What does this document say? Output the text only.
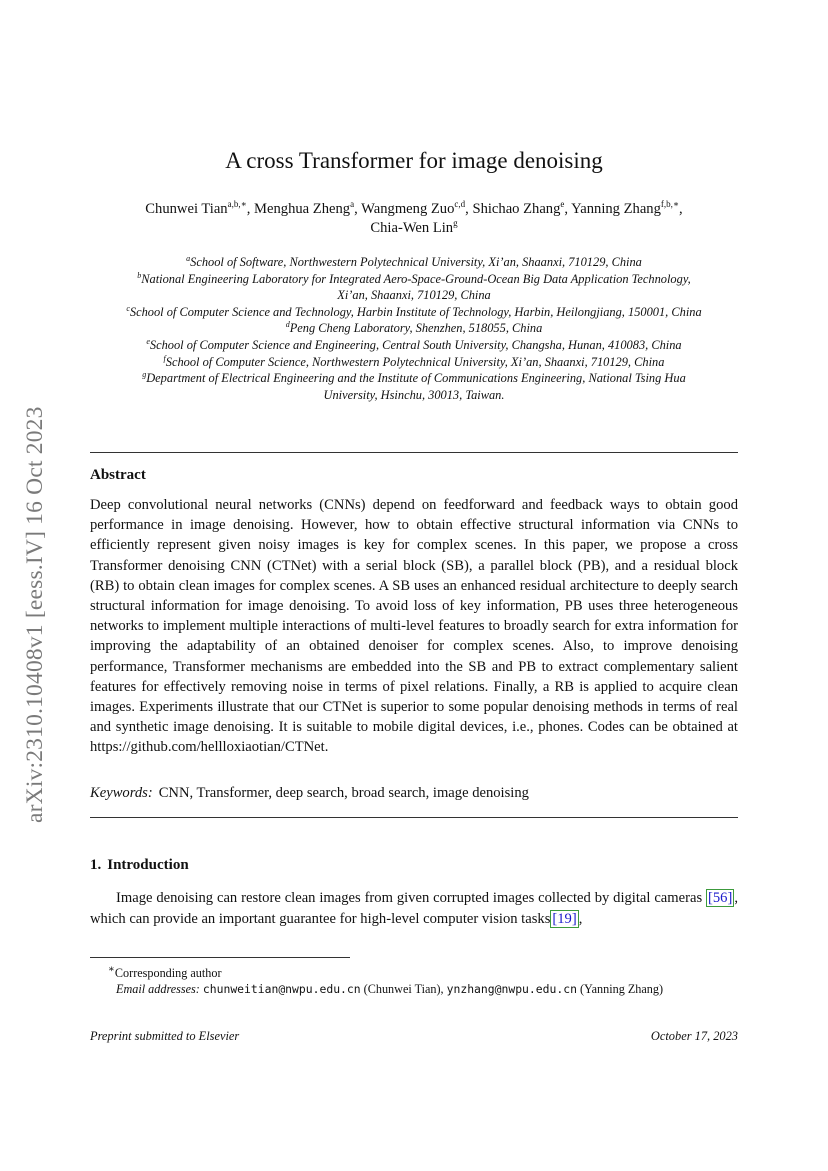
arXiv:2310.10408v1 [eess.IV] 16 Oct 2023
A cross Transformer for image denoising
Chunwei Tian$^{a,b,∗}$, Menghua Zheng$^a$, Wangmeng Zuo$^{c,d}$, Shichao Zhang$^e$, Yanning Zhang$^{f,b,∗}$,
Chia-Wen Lin$^g$
$^a$School of Software, Northwestern Polytechnical University, Xi’an, Shaanxi, 710129, China
$^b$National Engineering Laboratory for Integrated Aero-Space-Ground-Ocean Big Data Application Technology,
Xi’an, Shaanxi, 710129, China
$^c$School of Computer Science and Technology, Harbin Institute of Technology, Harbin, Heilongjiang, 150001, China
$^d$Peng Cheng Laboratory, Shenzhen, 518055, China
$^e$School of Computer Science and Engineering, Central South University, Changsha, Hunan, 410083, China
$^f$School of Computer Science, Northwestern Polytechnical University, Xi’an, Shaanxi, 710129, China
$^g$Department of Electrical Engineering and the Institute of Communications Engineering, National Tsing Hua
University, Hsinchu, 30013, Taiwan.
Abstract
Deep convolutional neural networks (CNNs) depend on feedforward and feedback ways to obtain good performance in image denoising. However, how to obtain effective structural information via CNNs to efficiently represent given noisy images is key for complex scenes. In this paper, we propose a cross Transformer denoising CNN (CTNet) with a serial block (SB), a parallel block (PB), and a residual block (RB) to obtain clean images for complex scenes. A SB uses an enhanced residual architecture to deeply search structural information for image denoising. To avoid loss of key information, PB uses three heterogeneous networks to implement multiple interactions of multi-level features to broadly search for extra information for improving the adaptability of an obtained denoiser for complex scenes. Also, to improve denoising performance, Transformer mechanisms are embedded into the SB and PB to extract complementary salient features for effectively removing noise in terms of pixel relations. Finally, a RB is applied to acquire clean images. Experiments illustrate that our CTNet is superior to some popular denoising methods in terms of real and synthetic image denoising. It is suitable to mobile digital devices, i.e., phones. Codes can be obtained at https://github.com/hellloxiaotian/CTNet.
Keywords: CNN, Transformer, deep search, broad search, image denoising
1. Introduction
Image denoising can restore clean images from given corrupted images collected by digital cameras [56] , which can provide an important guarantee for high-level computer vision tasks [19] ,
∗Corresponding author
Email addresses: chunweitian@nwpu.edu.cn (Chunwei Tian), ynzhang@nwpu.edu.cn (Yanning Zhang)
Preprint submitted to Elsevier	October 17, 2023
